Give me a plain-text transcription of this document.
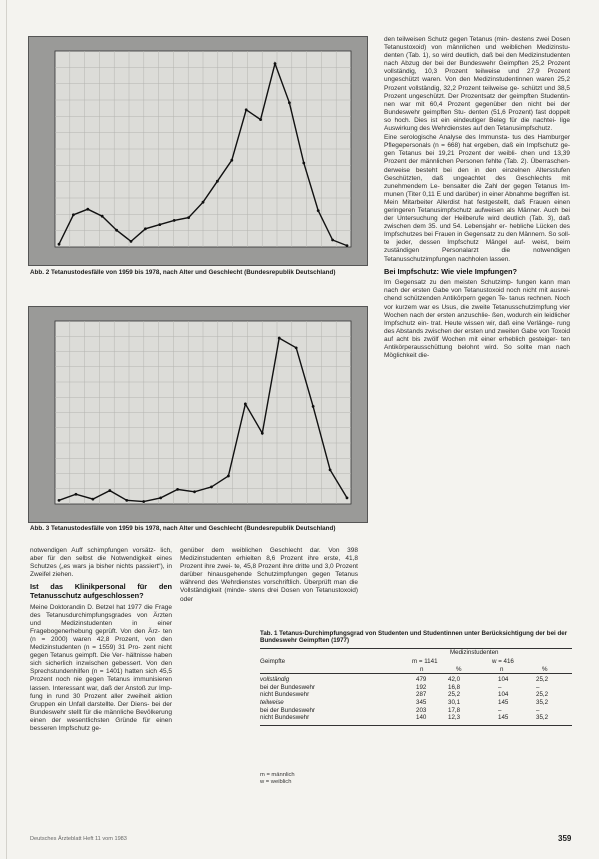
Abb. 2 Tetanustodesfälle von 1959 bis 1978, nach Alter und Geschlecht (Bundesrepublik Deutschland)
Abb. 3 Tetanustodesfälle von 1959 bis 1978, nach Alter und Geschlecht (Bundesrepublik Deutschland)

notwendigen Auff schimpfungen vorsätz- lich, aber für den selbst die Notwendigkeit eines Schutzes („es wars ja bisher nichts passiert“), in Zweifel ziehen.

Ist das Klinikpersonal für den Tetanusschutz aufgeschlossen?

Meine Doktorandin D. Betzel hat 1977 die Frage des Tetanusdurchimpfungsgrades von Ärzten und Medizinstudenten in einer Fragebogenerhebung geprüft. Von den Ärz- ten (n = 2000) waren 42,8 Prozent, von den Medizinstudenten (n = 1559) 31 Pro- zent nicht gegen Tetanus geimpft. Die Ver- hältnisse haben sich sicherlich inzwischen gebessert. Von den Sprechstundenhilfen (n = 1401) hatten sich 45,5 Prozent noch nie gegen Tetanus immunisieren lassen. Interessant war, daß der Anstoß zur Imp- fung in rund 30 Prozent aller zweiheit aktion Gruppen ein Unfall darstellte. Der Diens- bei der Bundeswehr stellt für die männliche Bevölkerung einen der wesentlichsten Gründe für einen besseren Impfschutz ge-

genüber dem weiblichen Geschlecht dar. Von 398 Medizinstudenten erhielten 8,6 Prozent ihre erste, 41,8 Prozent ihre zwei- te, 45,8 Prozent ihre dritte und 3,0 Prozent darüber hinausgehende Schutzimpfungen gegen Tetanus während des Wehrdienstes vorschriftlich. Überprüft man die Vollständigkeit (minde- stens drei Dosen von Tetanustoxoid) oder

den teilweisen Schutz gegen Tetanus (min- destens zwei Dosen Tetanustoxoid) von männlichen und weiblichen Medizinstu- denten (Tab. 1), so wird deutlich, daß bei den Medizinstudenten nach Abzug der bei der Bundeswehr Geimpften 25,2 Prozent vollständig, 10,3 Prozent teilweise und 27,9 Prozent ungeschützt waren. Von den Medizinstudentinnen waren 25,2 Prozent vollständig, 32,2 Prozent teilweise ge- schützt und 38,5 Prozent ungeschützt. Der Prozentsatz der geimpften Studentin- nen war mit 60,4 Prozent gegenüber den nicht bei der Bundeswehr geimpften Stu- denten (51,6 Prozent) fast doppelt so hoch. Dies ist ein eindeutiger Beleg für die nachtei- lige Auswirkung des Wehrdienstes auf den Tetanusimpfschutz.

Eine serologische Analyse des Immunsta- tus des Hamburger Pflegepersonals (n = 668) hat ergeben, daß ein Impfschutz ge- gen Tetanus bei 19,21 Prozent der weibli- chen und 13,39 Prozent der männlichen Personen fehlte (Tab. 2). Überraschen- derweise besteht bei den in den einzelnen Altersstufen Geschützten, daß ungeachtet des Geschlechts mit zunehmendem Le- bensalter die Zahl der gegen Tetanus Im- munen (Titer 0,11 E und darüber) in einer Abnahme begriffen ist. Mein Mitarbeiter Allerdist hat festgestellt, daß Frauen einen geringeren Tetanusimpfschutz aufweisen als Männer. Auch bei der Untersuchung der Heilberufe wird deutlich (Tab. 3), daß zwischen dem 35. und 54. Lebensjahr er- hebliche Lücken des Impfschutzes bei Frauen in Gegensatz zu den Männern. So soll- te jeder, dessen Impfschutz Mängel auf- weist, beim zuständigen Personalarzt die notwendigen Tetanusschutzimpfungen nachholen lassen.

Bei Impfschutz: Wie viele Impfungen?

Im Gegensatz zu den meisten Schutzimp- fungen kann man nach der ersten Gabe von Tetanustoxoid noch nicht mit ausrei- chend schützenden Antikörpern gegen Te- tanus rechnen. Noch vor kurzem war es Usus, die zweite Tetanusschutzimpfung vier Wochen nach der ersten anzuschlie- ßen, wodurch ein leidlicher Impfschutz ein- trat. Heute wissen wir, daß eine Verlänge- rung des Abstands zwischen der ersten und zweiten Gabe von Toxoid auf acht bis zwölf Wochen mit einer erheblich gesteiger- ten Antikörperausschüttung belohnt wird. So sollte man nach Möglichkeit die-

Tab. 1 Tetanus-Durchimpfungsgrad von Studenten und Studentinnen unter Berücksichtigung der bei der Bundeswehr Geimpften (1977)
Medizinstudenten
Geimpfte	m = 1141	w = 416
n	%	n	%
vollständig	479	42,0	104	25,2
bei der Bundeswehr	192	16,8	–	–
nicht Bundeswehr	287	25,2	104	25,2
teilweise	345	30,1	145	35,2
bei der Bundeswehr	203	17,8	–	–
nicht Bundeswehr	140	12,3	145	35,2
m = männlich
w = weiblich
Deutsches Ärzteblatt Heft 11 vom 1983	359
